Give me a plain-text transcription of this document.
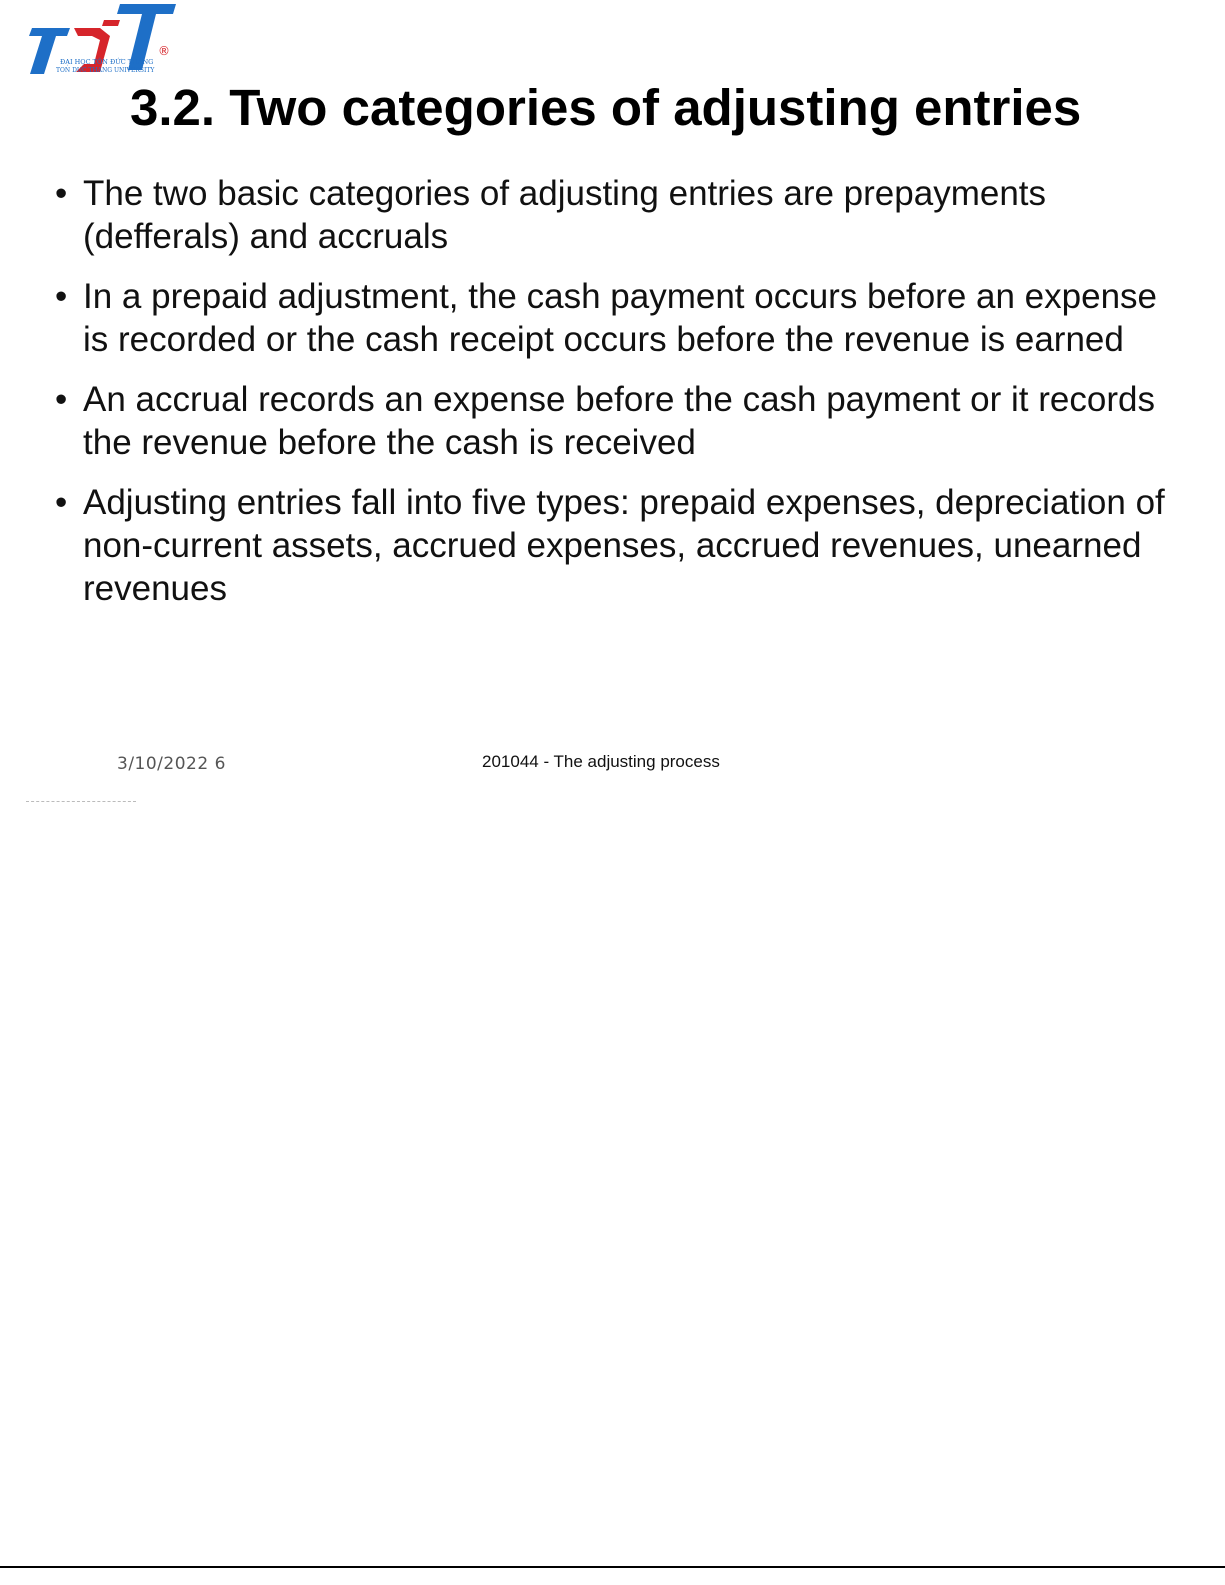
®
ĐẠI HỌC TÔN ĐỨC THẮNG
TON DUC THANG UNIVERSITY
3.2. Two categories of adjusting entries
• The two basic categories of adjusting entries are prepayments (defferals) and accruals
• In a prepaid adjustment, the cash payment occurs before an expense is recorded or the cash receipt occurs before the revenue is earned
• An accrual records an expense before the cash payment or it records the revenue before the cash is received
• Adjusting entries fall into five types: prepaid expenses, depreciation of non-current assets, accrued expenses, accrued revenues, unearned revenues
3/10/2022 6	201044 - The adjusting process
